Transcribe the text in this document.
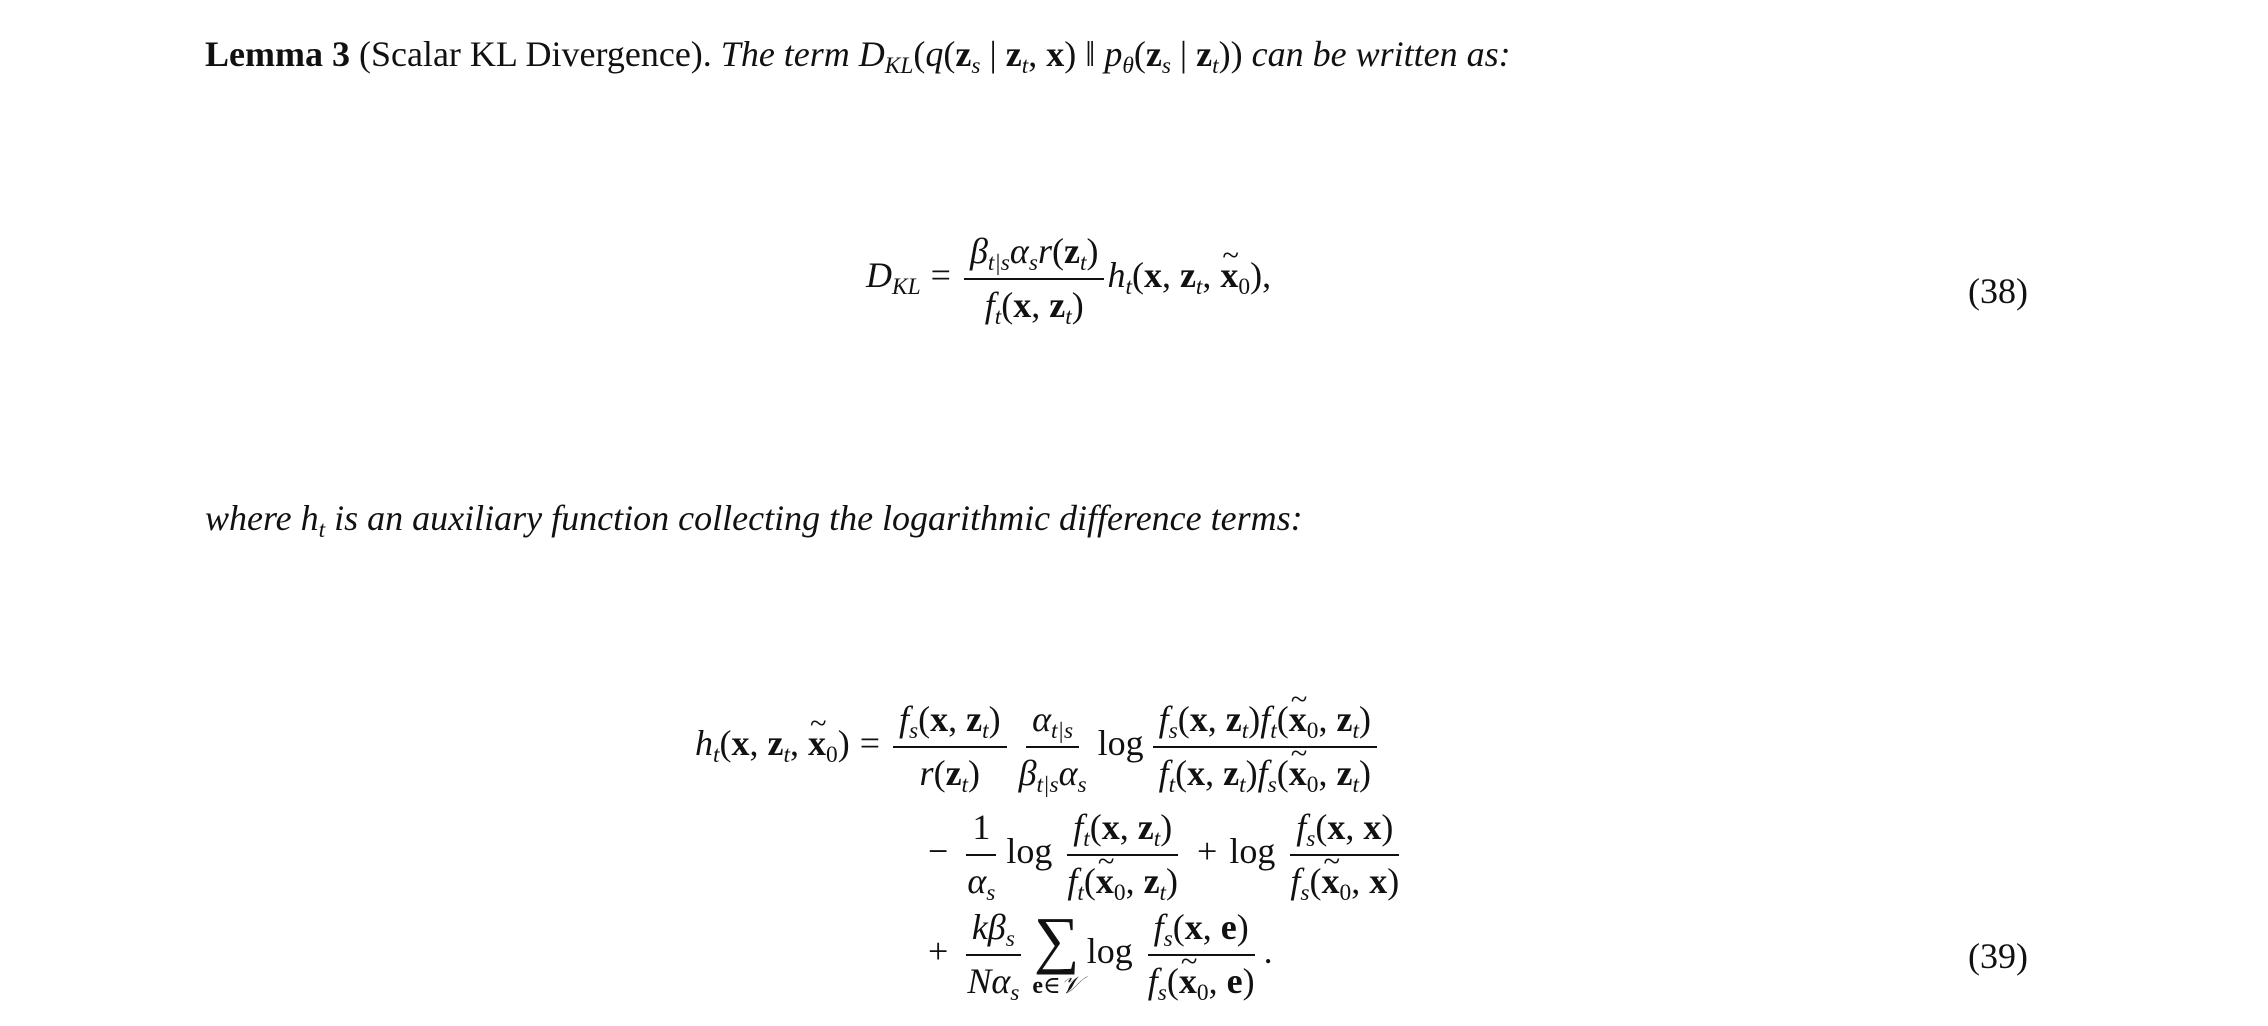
Lemma 3 (Scalar KL Divergence). The term $D_{KL}(q(z_s$ | $z_t$, x) ‖ $p_\theta(z_s$ | $z_t$)) can be written as:
$D_{KL} = \frac{\beta_{t|s}\alpha_sr(z_t)}{f_t(x, z_t)} h_t(x$, $z_t$, x $\sim_0$),	(38)
where $h_t$ is an auxiliary function collecting the logarithmic difference terms:
$h_t(x$, $z_t$, x $\sim_0) = \frac{f_s(x, z_t)}{r(z_t)} \frac{\alpha_{t|s}}{\beta_{t|s}\alpha_s}$ $\log \frac{f_s(x, z_t)f_t(x \sim_0, z_t)}{f_t(x, z_t)f_s(x \sim_0, z_t)}$
− $\frac{1}{\alpha_s}$ $\log \frac{f_t(x, z_t)}{f_t(x \sim_0, z_t)} + \log \frac{f_s(x, x)}{f_s(x \sim_0, x)}$
+ $\frac{k\beta_s}{N\alpha_s}$ ∑
e∈𝒱
$\log \frac{f_s(x, e)}{f_s(x \sim_0, e)}$ .	(39)
